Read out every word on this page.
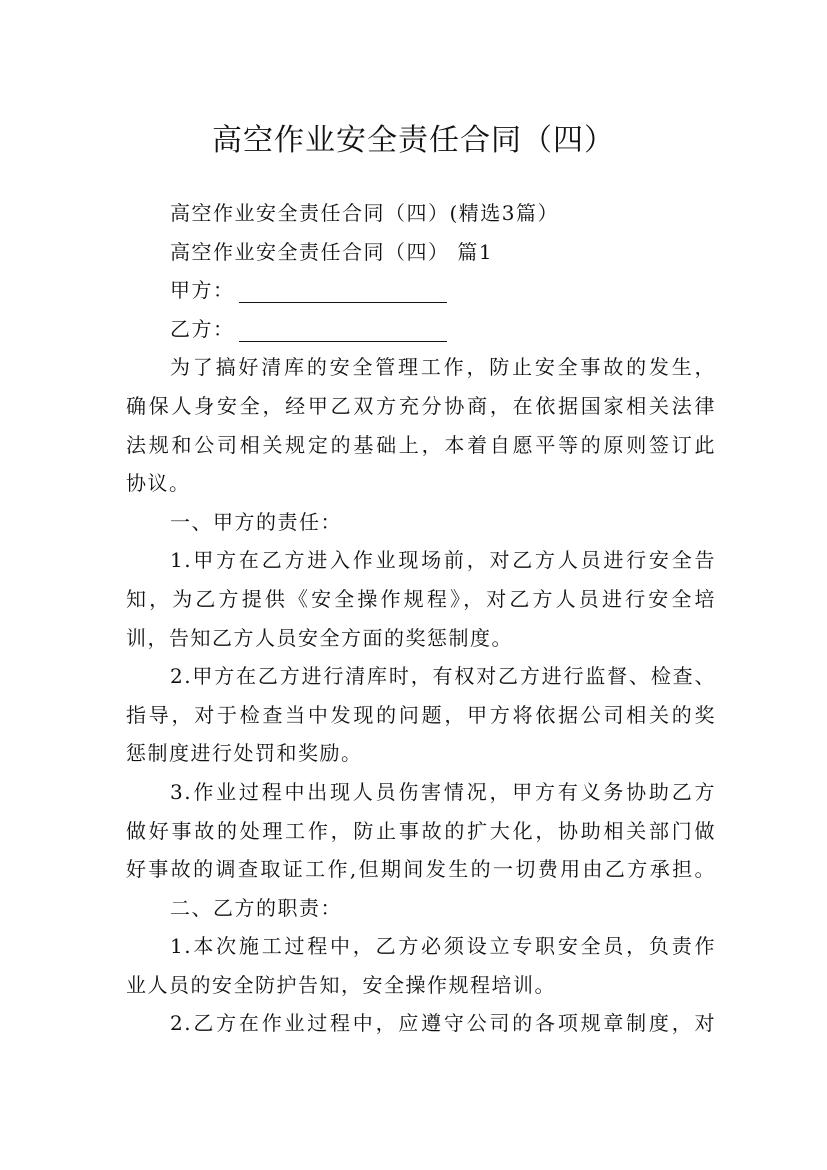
高空作业安全责任合同（四）
高空作业安全责任合同（四）(精选3篇）
高空作业安全责任合同（四） 篇1
甲方：
乙方：
为了搞好清库的安全管理工作，防止安全事故的发生，
确保人身安全，经甲乙双方充分协商，在依据国家相关法律
法规和公司相关规定的基础上，本着自愿平等的原则签订此
协议。
一、甲方的责任：
1.甲方在乙方进入作业现场前，对乙方人员进行安全告
知，为乙方提供《安全操作规程》，对乙方人员进行安全培
训，告知乙方人员安全方面的奖惩制度。
2.甲方在乙方进行清库时，有权对乙方进行监督、检查、
指导，对于检查当中发现的问题，甲方将依据公司相关的奖
惩制度进行处罚和奖励。
3.作业过程中出现人员伤害情况，甲方有义务协助乙方
做好事故的处理工作，防止事故的扩大化，协助相关部门做
好事故的调查取证工作,但期间发生的一切费用由乙方承担。
二、乙方的职责：
1.本次施工过程中，乙方必须设立专职安全员，负责作
业人员的安全防护告知，安全操作规程培训。
2.乙方在作业过程中，应遵守公司的各项规章制度，对
